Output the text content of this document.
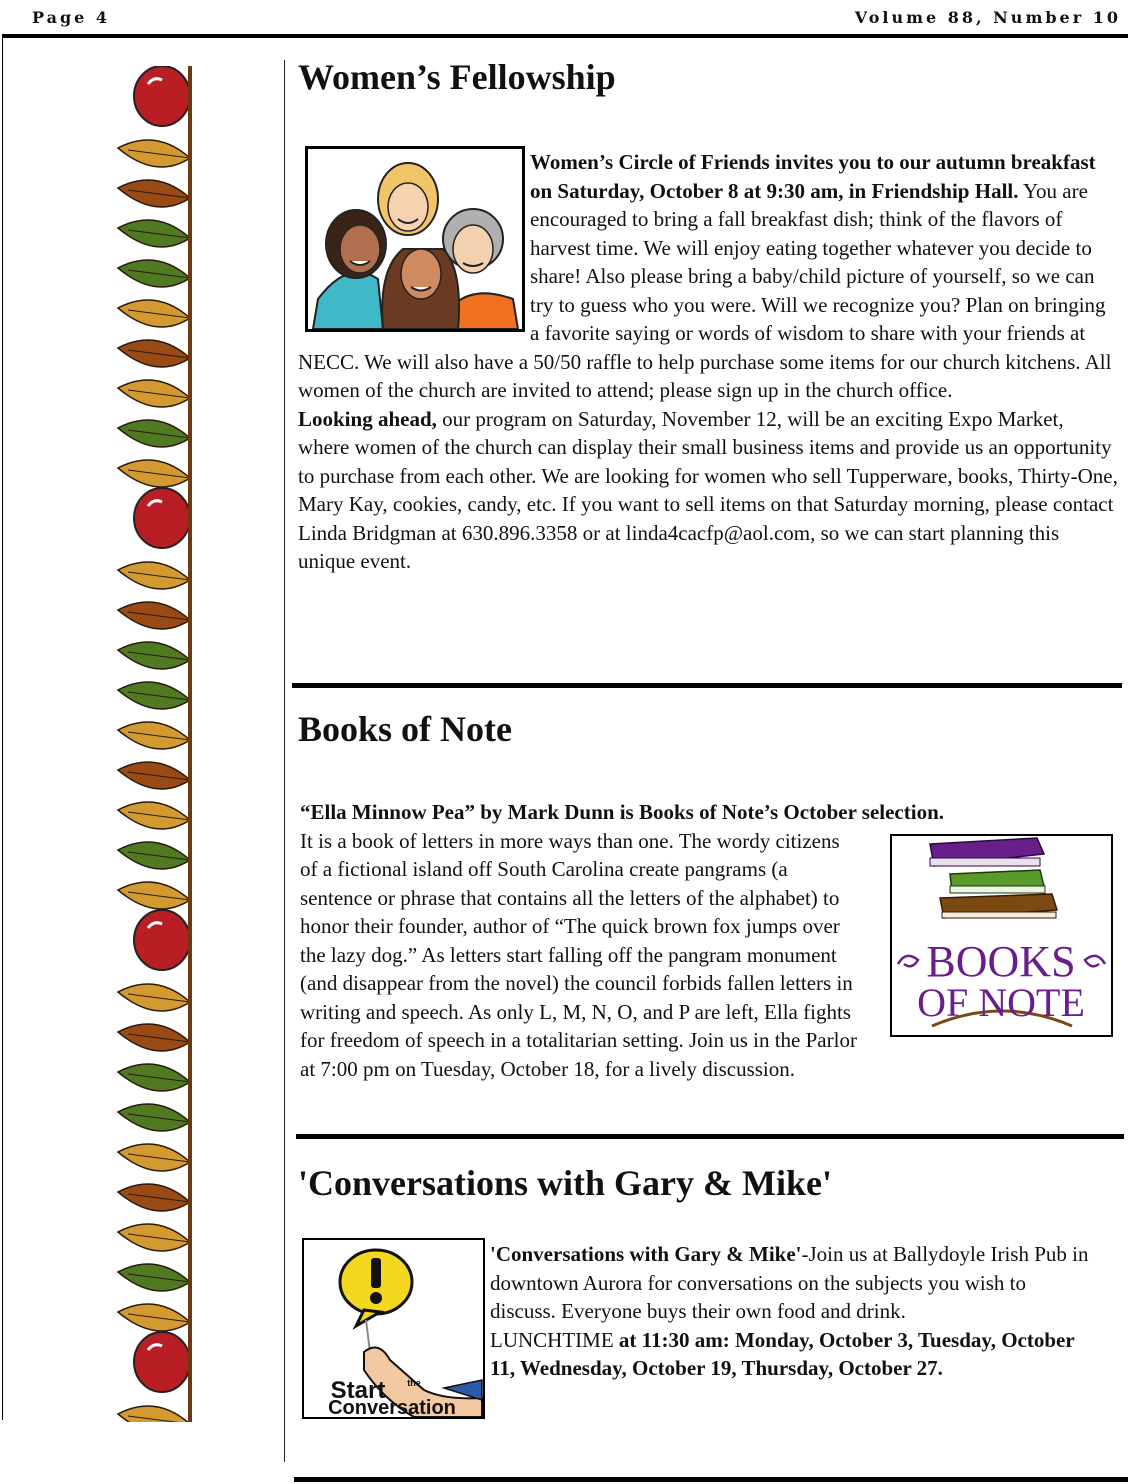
Page 4	Volume 88, Number 10
Women’s Fellowship
Women’s Circle of Friends invites you to our autumn breakfast on Saturday, October 8 at 9:30 am, in Friendship Hall. You are encouraged to bring a fall breakfast dish; think of the flavors of harvest time. We will enjoy eating together whatever you decide to share! Also please bring a baby/child picture of yourself, so we can try to guess who you were. Will we recognize you? Plan on bringing a favorite saying or words of wisdom to share with your friends at NECC. We will also have a 50/50 raffle to help purchase some items for our church kitchens. All women of the church are invited to attend; please sign up in the church office.
Looking ahead, our program on Saturday, November 12, will be an exciting Expo Market, where women of the church can display their small business items and provide us an opportunity to purchase from each other. We are looking for women who sell Tupperware, books, Thirty-One, Mary Kay, cookies, candy, etc. If you want to sell items on that Saturday morning, please contact Linda Bridgman at 630.896.3358 or at linda4cacfp@aol.com, so we can start planning this unique event.
Books of Note
BOOKS
OF NOTE
“Ella Minnow Pea” by Mark Dunn is Books of Note’s October selection.

It is a book of letters in more ways than one. The wordy citizens of a fictional island off South Carolina create pangrams (a sentence or phrase that contains all the letters of the alphabet) to honor their founder, author of “The quick brown fox jumps over the lazy dog.” As letters start falling off the pangram monument (and disappear from the novel) the council forbids fallen letters in writing and speech. As only L, M, N, O, and P are left, Ella fights for freedom of speech in a totalitarian setting. Join us in the Parlor at 7:00 pm on Tuesday, October 18, for a lively discussion.
'Conversations with Gary & Mike'
Start the
Conversation
'Conversations with Gary & Mike'-Join us at Ballydoyle Irish Pub in downtown Aurora for conversations on the subjects you wish to discuss. Everyone buys their own food and drink.
LUNCHTIME at 11:30 am: Monday, October 3, Tuesday, October 11, Wednesday, October 19, Thursday, October 27.
